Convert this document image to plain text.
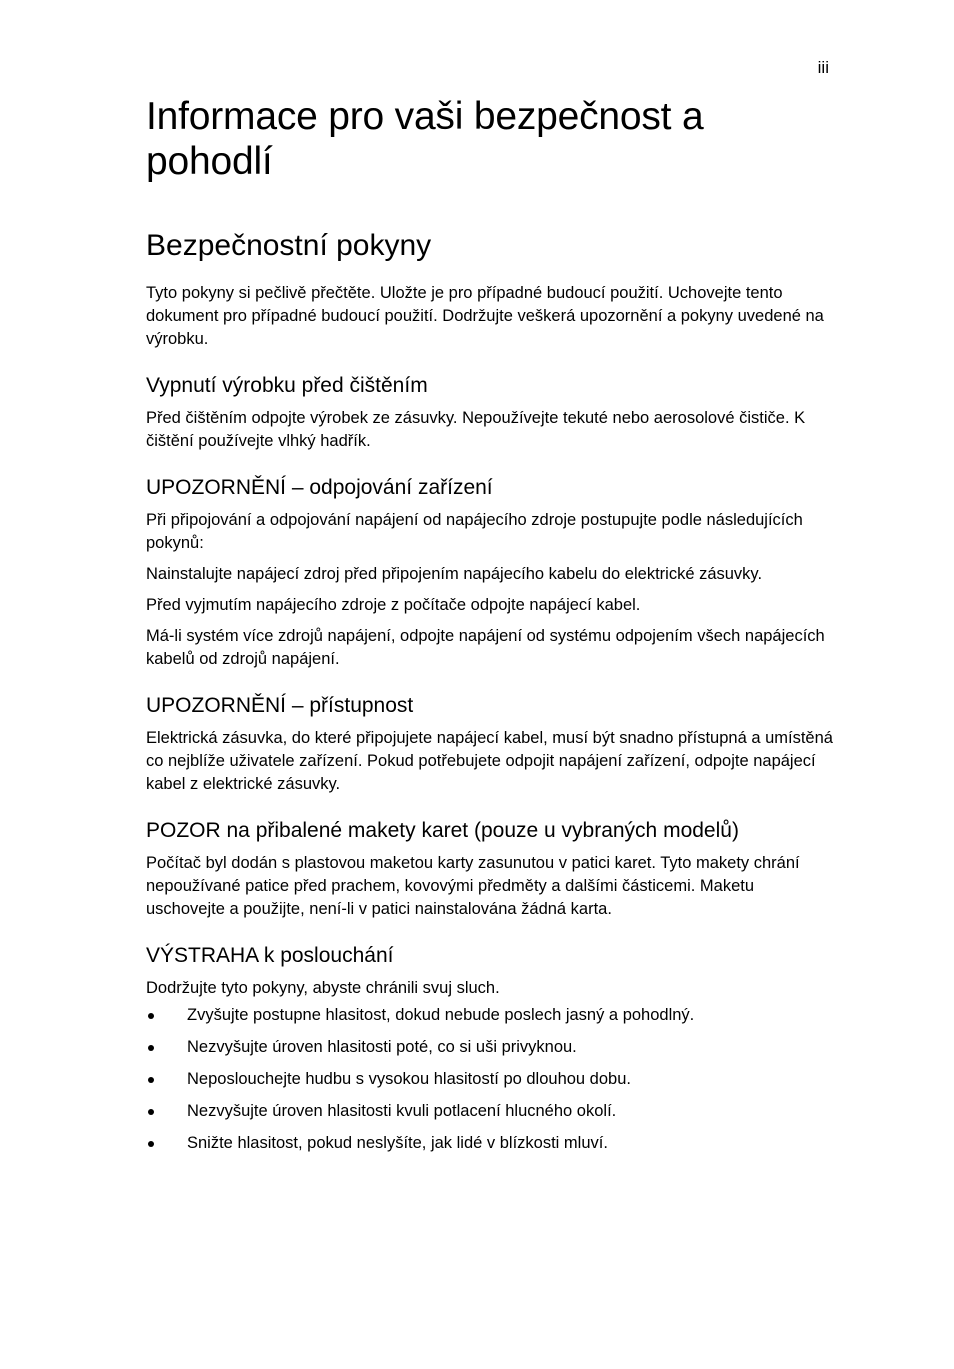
iii
Informace pro vaši bezpečnost a pohodlí
Bezpečnostní pokyny

Tyto pokyny si pečlivě přečtěte. Uložte je pro případné budoucí použití. Uchovejte tento dokument pro případné budoucí použití. Dodržujte veškerá upozornění a pokyny uvedené na výrobku.

Vypnutí výrobku před čištěním

Před čištěním odpojte výrobek ze zásuvky. Nepoužívejte tekuté nebo aerosolové čističe. K čištění používejte vlhký hadřík.

UPOZORNĚNÍ – odpojování zařízení

Při připojování a odpojování napájení od napájecího zdroje postupujte podle následujících pokynů:

Nainstalujte napájecí zdroj před připojením napájecího kabelu do elektrické zásuvky.

Před vyjmutím napájecího zdroje z počítače odpojte napájecí kabel.

Má-li systém více zdrojů napájení, odpojte napájení od systému odpojením všech napájecích kabelů od zdrojů napájení.

UPOZORNĚNÍ – přístupnost

Elektrická zásuvka, do které připojujete napájecí kabel, musí být snadno přístupná a umístěná co nejblíže uživatele zařízení. Pokud potřebujete odpojit napájení zařízení, odpojte napájecí kabel z elektrické zásuvky.

POZOR na přibalené makety karet (pouze u vybraných modelů)

Počítač byl dodán s plastovou maketou karty zasunutou v patici karet. Tyto makety chrání nepoužívané patice před prachem, kovovými předměty a dalšími částicemi. Maketu uschovejte a použijte, není-li v patici nainstalována žádná karta.

VÝSTRAHA k poslouchání

Dodržujte tyto pokyny, abyste chránili svuj sluch.

Zvyšujte postupne hlasitost, dokud nebude poslech jasný a pohodlný.
Nezvyšujte úroven hlasitosti poté, co si uši privyknou.
Neposlouchejte hudbu s vysokou hlasitostí po dlouhou dobu.
Nezvyšujte úroven hlasitosti kvuli potlacení hlucného okolí.
Snižte hlasitost, pokud neslyšíte, jak lidé v blízkosti mluví.
